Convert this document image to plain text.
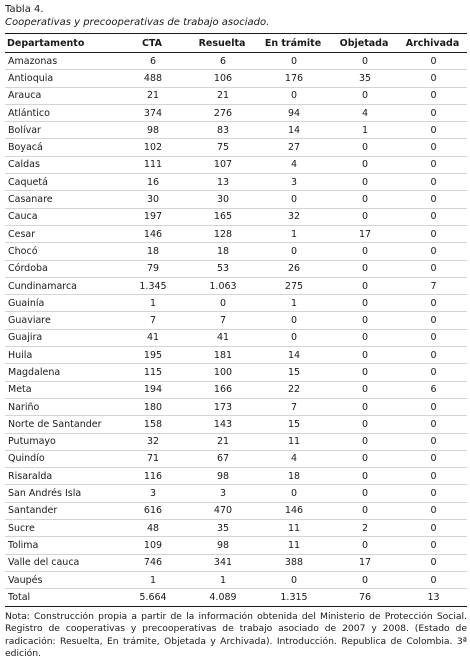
Tabla 4.
Cooperativas y precooperativas de trabajo asociado.
Departamento	CTA	Resuelta	En trámite	Objetada	Archivada
Amazonas	6	6	0	0	0
Antioquia	488	106	176	35	0
Arauca	21	21	0	0	0
Atlántico	374	276	94	4	0
Bolívar	98	83	14	1	0
Boyacá	102	75	27	0	0
Caldas	111	107	4	0	0
Caquetá	16	13	3	0	0
Casanare	30	30	0	0	0
Cauca	197	165	32	0	0
Cesar	146	128	1	17	0
Chocó	18	18	0	0	0
Córdoba	79	53	26	0	0
Cundinamarca	1.345	1.063	275	0	7
Guainía	1	0	1	0	0
Guaviare	7	7	0	0	0
Guajira	41	41	0	0	0
Huila	195	181	14	0	0
Magdalena	115	100	15	0	0
Meta	194	166	22	0	6
Nariño	180	173	7	0	0
Norte de Santander	158	143	15	0	0
Putumayo	32	21	11	0	0
Quindío	71	67	4	0	0
Risaralda	116	98	18	0	0
San Andrés Isla	3	3	0	0	0
Santander	616	470	146	0	0
Sucre	48	35	11	2	0
Tolima	109	98	11	0	0
Valle del cauca	746	341	388	17	0
Vaupés	1	1	0	0	0
Total	5.664	4.089	1.315	76	13
Nota: Construcción propia a partir de la información obtenida del Ministerio de Protección Social. Registro de cooperativas y precooperativas de trabajo asociado de 2007 y 2008. (Estado de radicación: Resuelta, En trámite, Objetada y Archivada). Introducción. Republica de Colombia. 3ª edición.
